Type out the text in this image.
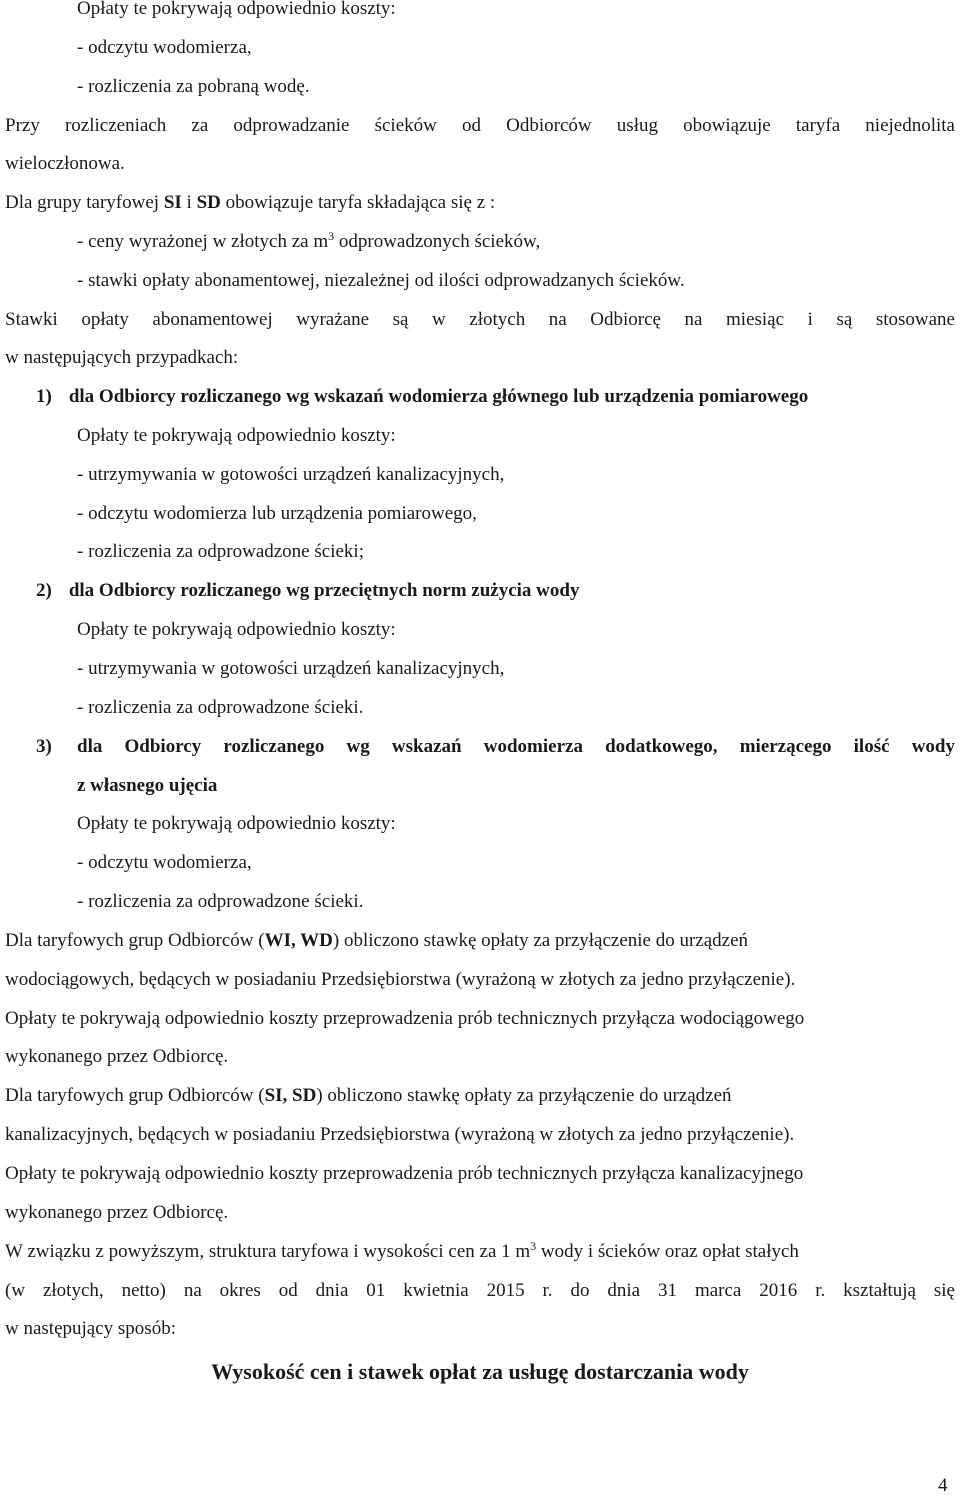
Opłaty te pokrywają odpowiednio koszty:
- odczytu wodomierza,
- rozliczenia za pobraną wodę.
Przy rozliczeniach za odprowadzanie ścieków od Odbiorców usług obowiązuje taryfa niejednolita
wieloczłonowa.
Dla grupy taryfowej SI i SD obowiązuje taryfa składająca się z :
- ceny wyrażonej w złotych za $m^3$ odprowadzonych ścieków,
- stawki opłaty abonamentowej, niezależnej od ilości odprowadzanych ścieków.
Stawki opłaty abonamentowej wyrażane są w złotych na Odbiorcę na miesiąc i są stosowane
w następujących przypadkach:
1) dla Odbiorcy rozliczanego wg wskazań wodomierza głównego lub urządzenia pomiarowego
Opłaty te pokrywają odpowiednio koszty:
- utrzymywania w gotowości urządzeń kanalizacyjnych,
- odczytu wodomierza lub urządzenia pomiarowego,
- rozliczenia za odprowadzone ścieki;
2) dla Odbiorcy rozliczanego wg przeciętnych norm zużycia wody
Opłaty te pokrywają odpowiednio koszty:
- utrzymywania w gotowości urządzeń kanalizacyjnych,
- rozliczenia za odprowadzone ścieki.
3)	dla Odbiorcy rozliczanego wg wskazań wodomierza dodatkowego, mierzącego ilość wody
z własnego ujęcia
Opłaty te pokrywają odpowiednio koszty:
- odczytu wodomierza,
- rozliczenia za odprowadzone ścieki.
Dla taryfowych grup Odbiorców (WI, WD) obliczono stawkę opłaty za przyłączenie do urządzeń
wodociągowych, będących w posiadaniu Przedsiębiorstwa (wyrażoną w złotych za jedno przyłączenie).
Opłaty te pokrywają odpowiednio koszty przeprowadzenia prób technicznych przyłącza wodociągowego
wykonanego przez Odbiorcę.
Dla taryfowych grup Odbiorców (SI, SD) obliczono stawkę opłaty za przyłączenie do urządzeń
kanalizacyjnych, będących w posiadaniu Przedsiębiorstwa (wyrażoną w złotych za jedno przyłączenie).
Opłaty te pokrywają odpowiednio koszty przeprowadzenia prób technicznych przyłącza kanalizacyjnego
wykonanego przez Odbiorcę.
W związku z powyższym, struktura taryfowa i wysokości cen za 1 $m^3$ wody i ścieków oraz opłat stałych
(w złotych, netto) na okres od dnia 01 kwietnia 2015 r. do dnia 31 marca 2016 r. kształtują się
w następujący sposób:
Wysokość cen i stawek opłat za usługę dostarczania wody
4
